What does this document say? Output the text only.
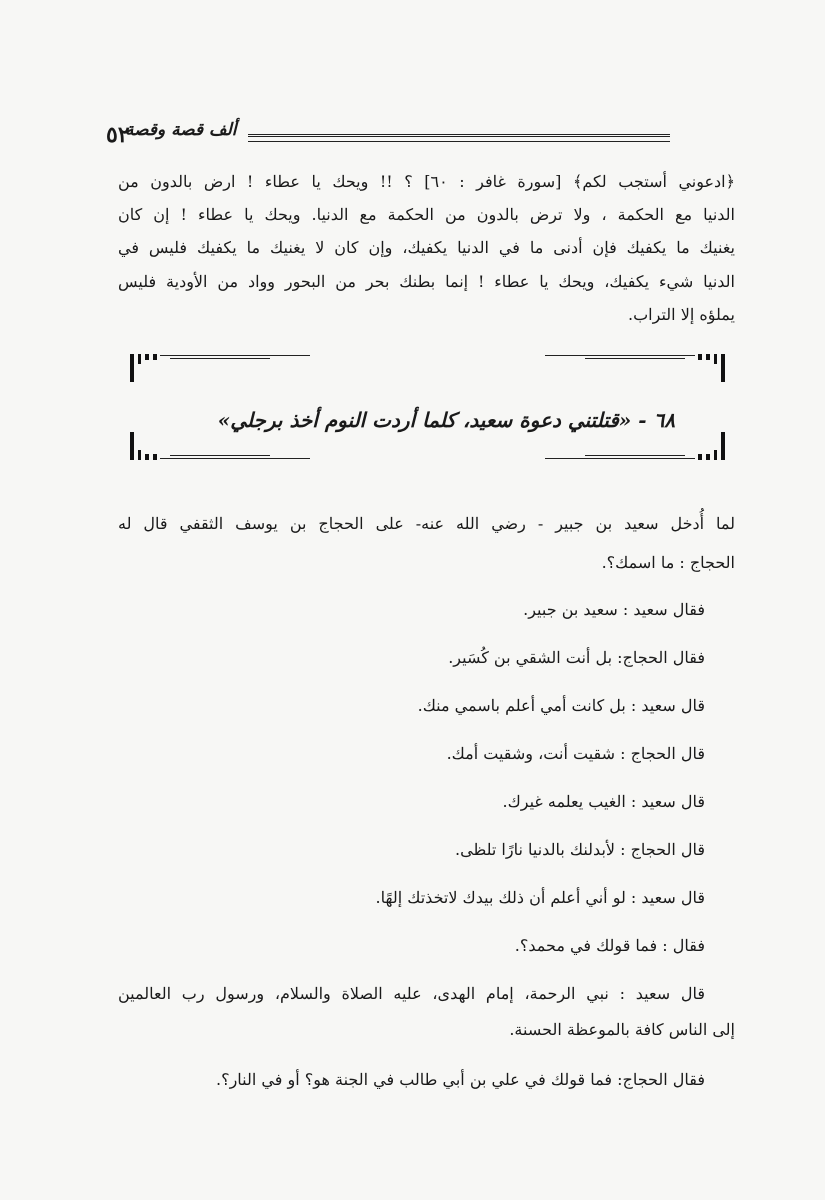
٥٢
ألف قصة وقصة
﴿ادعوني أستجب لكم﴾ [سورة غافر : ٦٠] ؟ !! ويحك يا عطاء ! ارض بالدون من
الدنيا مع الحكمة ، ولا ترض بالدون من الحكمة مع الدنيا. ويحك يا عطاء ! إن كان
يغنيك ما يكفيك فإن أدنى ما في الدنيا يكفيك، وإن كان لا يغنيك ما يكفيك فليس في
الدنيا شيء يكفيك، ويحك يا عطاء ! إنما بطنك بحر من البحور وواد من الأودية فليس
يملؤه إلا التراب.
٦٨ - «قتلتني دعوة سعيد، كلما أردت النوم أخذ برجلي»
لما أُدخل سعيد بن جبير - رضي الله عنه- على الحجاج بن يوسف الثقفي قال له
الحجاج : ما اسمك؟.
فقال سعيد : سعيد بن جبير.
فقال الحجاج: بل أنت الشقي بن كُسَير.
قال سعيد : بل كانت أمي أعلم باسمي منك.
قال الحجاج : شقيت أنت، وشقيت أمك.
قال سعيد : الغيب يعلمه غيرك.
قال الحجاج : لأبدلنك بالدنيا نارًا تلظى.
قال سعيد : لو أني أعلم أن ذلك بيدك لاتخذتك إلهًا.
فقال : فما قولك في محمد؟.
قال سعيد : نبي الرحمة، إمام الهدى، عليه الصلاة والسلام، ورسول رب العالمين
إلى الناس كافة بالموعظة الحسنة.
فقال الحجاج: فما قولك في علي بن أبي طالب في الجنة هو؟ أو في النار؟.
